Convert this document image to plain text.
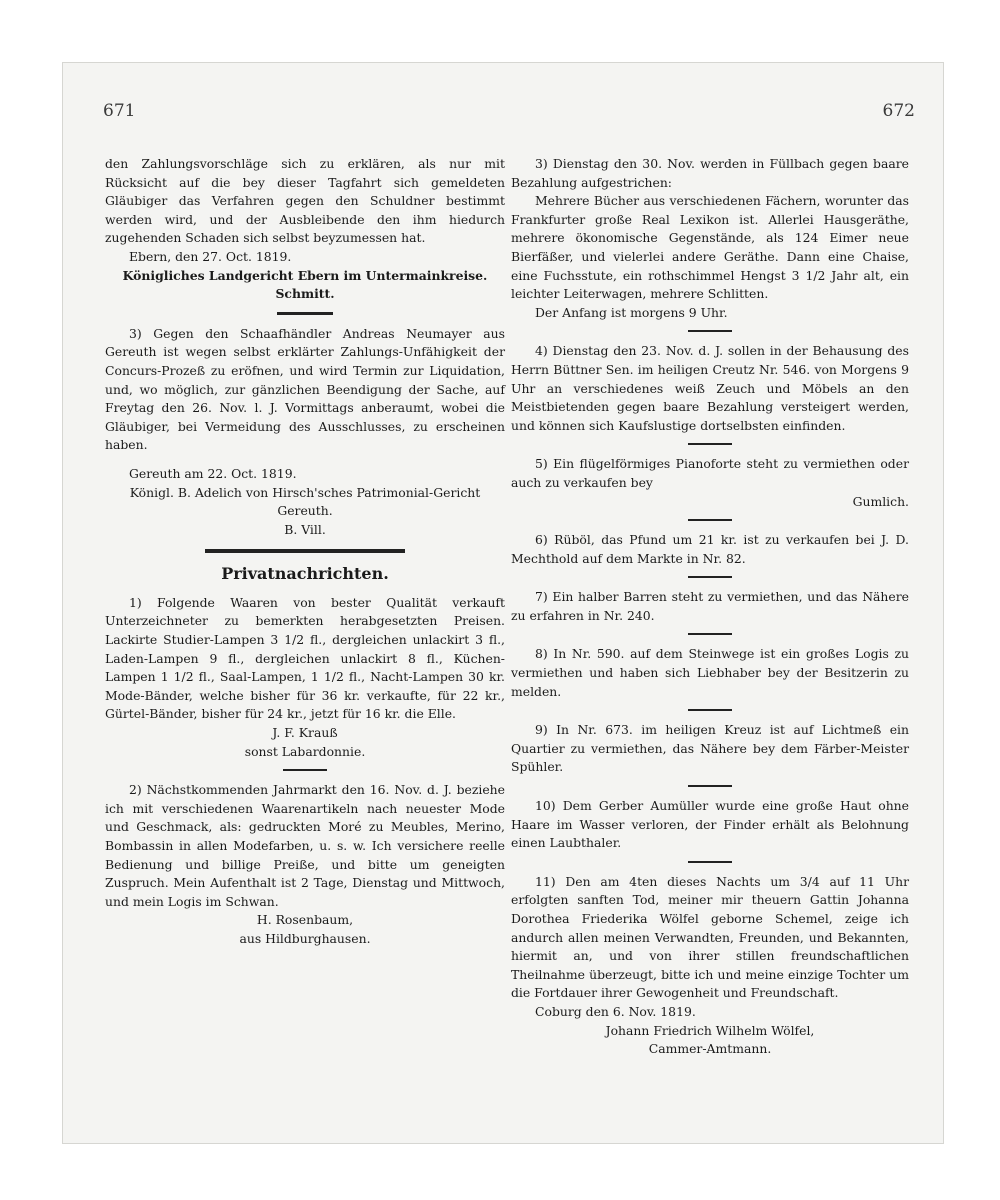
671	672

den Zahlungsvorschläge sich zu erklären, als nur mit Rücksicht auf die bey dieser Tagfahrt sich gemeldeten Gläubiger das Verfahren gegen den Schuldner bestimmt werden wird, und der Ausbleibende den ihm hiedurch zugehenden Schaden sich selbst beyzumessen hat.

Ebern, den 27. Oct. 1819.

Königliches Landgericht Ebern im Untermainkreise.

Schmitt.

3) Gegen den Schaafhändler Andreas Neumayer aus Gereuth ist wegen selbst erklärter Zahlungs-Unfähigkeit der Concurs-Prozeß zu eröfnen, und wird Termin zur Liquidation, und, wo möglich, zur gänzlichen Beendigung der Sache, auf Freytag den 26. Nov. l. J. Vormittags anberaumt, wobei die Gläubiger, bei Vermeidung des Ausschlusses, zu erscheinen haben.

Gereuth am 22. Oct. 1819.

Königl. B. Adelich von Hirsch'sches Patrimonial-Gericht Gereuth.

B. Vill.

Privatnachrichten.

1) Folgende Waaren von bester Qualität verkauft Unterzeichneter zu bemerkten herabgesetzten Preisen. Lackirte Studier-Lampen 3 1/2 fl., dergleichen unlackirt 3 fl., Laden-Lampen 9 fl., dergleichen unlackirt 8 fl., Küchen-Lampen 1 1/2 fl., Saal-Lampen, 1 1/2 fl., Nacht-Lampen 30 kr. Mode-Bänder, welche bisher für 36 kr. verkaufte, für 22 kr., Gürtel-Bänder, bisher für 24 kr., jetzt für 16 kr. die Elle.

J. F. Krauß

sonst Labardonnie.

2) Nächstkommenden Jahrmarkt den 16. Nov. d. J. beziehe ich mit verschiedenen Waarenartikeln nach neuester Mode und Geschmack, als: gedruckten Moré zu Meubles, Merino, Bombassin in allen Modefarben, u. s. w. Ich versichere reelle Bedienung und billige Preiße, und bitte um geneigten Zuspruch. Mein Aufenthalt ist 2 Tage, Dienstag und Mittwoch, und mein Logis im Schwan.

H. Rosenbaum,

aus Hildburghausen.

3) Dienstag den 30. Nov. werden in Füllbach gegen baare Bezahlung aufgestrichen:

Mehrere Bücher aus verschiedenen Fächern, worunter das Frankfurter große Real Lexikon ist. Allerlei Hausgeräthe, mehrere ökonomische Gegenstände, als 124 Eimer neue Bierfäßer, und vielerlei andere Geräthe. Dann eine Chaise, eine Fuchsstute, ein rothschimmel Hengst 3 1/2 Jahr alt, ein leichter Leiterwagen, mehrere Schlitten.

Der Anfang ist morgens 9 Uhr.

4) Dienstag den 23. Nov. d. J. sollen in der Behausung des Herrn Büttner Sen. im heiligen Creutz Nr. 546. von Morgens 9 Uhr an verschiedenes weiß Zeuch und Möbels an den Meistbietenden gegen baare Bezahlung versteigert werden, und können sich Kaufslustige dortselbsten einfinden.

5) Ein flügelförmiges Pianoforte steht zu vermiethen oder auch zu verkaufen bey

Gumlich.

6) Rüböl, das Pfund um 21 kr. ist zu verkaufen bei J. D. Mechthold auf dem Markte in Nr. 82.

7) Ein halber Barren steht zu vermiethen, und das Nähere zu erfahren in Nr. 240.

8) In Nr. 590. auf dem Steinwege ist ein großes Logis zu vermiethen und haben sich Liebhaber bey der Besitzerin zu melden.

9) In Nr. 673. im heiligen Kreuz ist auf Lichtmeß ein Quartier zu vermiethen, das Nähere bey dem Färber-Meister Spühler.

10) Dem Gerber Aumüller wurde eine große Haut ohne Haare im Wasser verloren, der Finder erhält als Belohnung einen Laubthaler.

11) Den am 4ten dieses Nachts um 3/4 auf 11 Uhr erfolgten sanften Tod, meiner mir theuern Gattin Johanna Dorothea Friederika Wölfel geborne Schemel, zeige ich andurch allen meinen Verwandten, Freunden, und Bekannten, hiermit an, und von ihrer stillen freundschaftlichen Theilnahme überzeugt, bitte ich und meine einzige Tochter um die Fortdauer ihrer Gewogenheit und Freundschaft.

Coburg den 6. Nov. 1819.

Johann Friedrich Wilhelm Wölfel,

Cammer-Amtmann.
